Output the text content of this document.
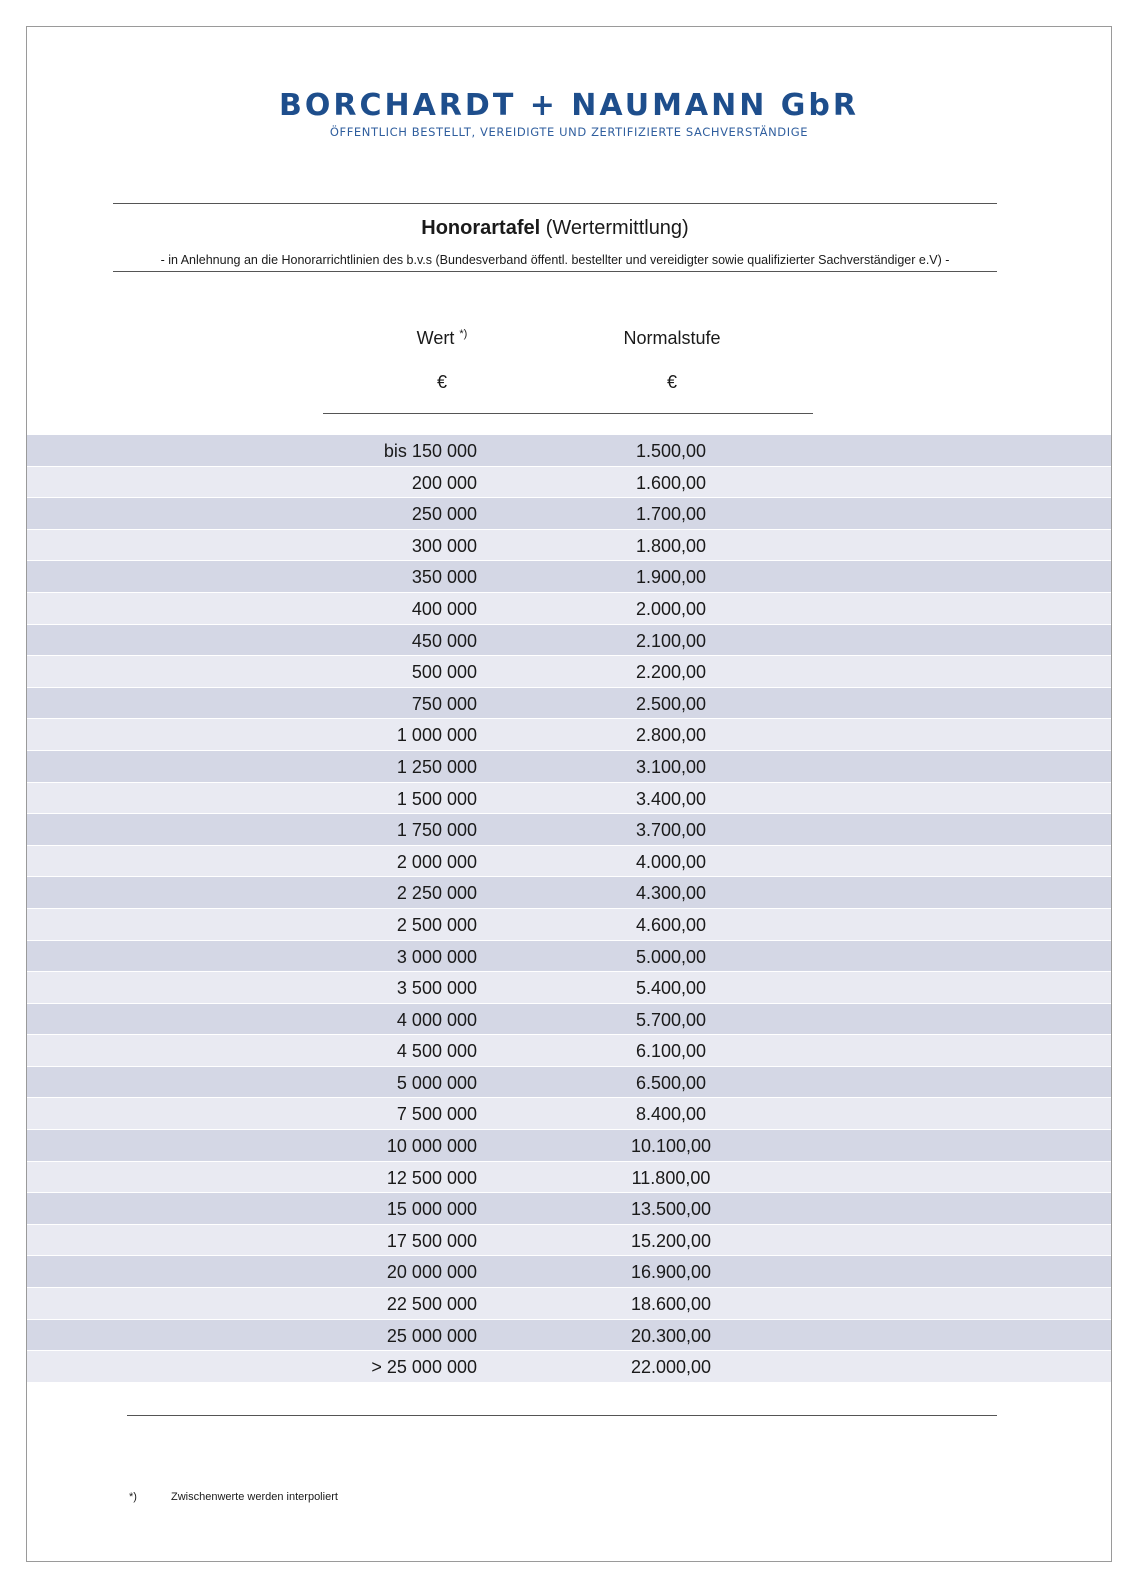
BORCHARDT + NAUMANN GbR
ÖFFENTLICH BESTELLT, VEREIDIGTE UND ZERTIFIZIERTE SACHVERSTÄNDIGE
Honorartafel (Wertermittlung)
- in Anlehnung an die Honorarrichtlinien des b.v.s (Bundesverband öffentl. bestellter und vereidigter sowie qualifizierter Sachverständiger e.V) -
Wert *)	Normalstufe
€	€
bis 150 000	1.500,00
200 000	1.600,00
250 000	1.700,00
300 000	1.800,00
350 000	1.900,00
400 000	2.000,00
450 000	2.100,00
500 000	2.200,00
750 000	2.500,00
1 000 000	2.800,00
1 250 000	3.100,00
1 500 000	3.400,00
1 750 000	3.700,00
2 000 000	4.000,00
2 250 000	4.300,00
2 500 000	4.600,00
3 000 000	5.000,00
3 500 000	5.400,00
4 000 000	5.700,00
4 500 000	6.100,00
5 000 000	6.500,00
7 500 000	8.400,00
10 000 000	10.100,00
12 500 000	11.800,00
15 000 000	13.500,00
17 500 000	15.200,00
20 000 000	16.900,00
22 500 000	18.600,00
25 000 000	20.300,00
> 25 000 000	22.000,00
*)	Zwischenwerte werden interpoliert
